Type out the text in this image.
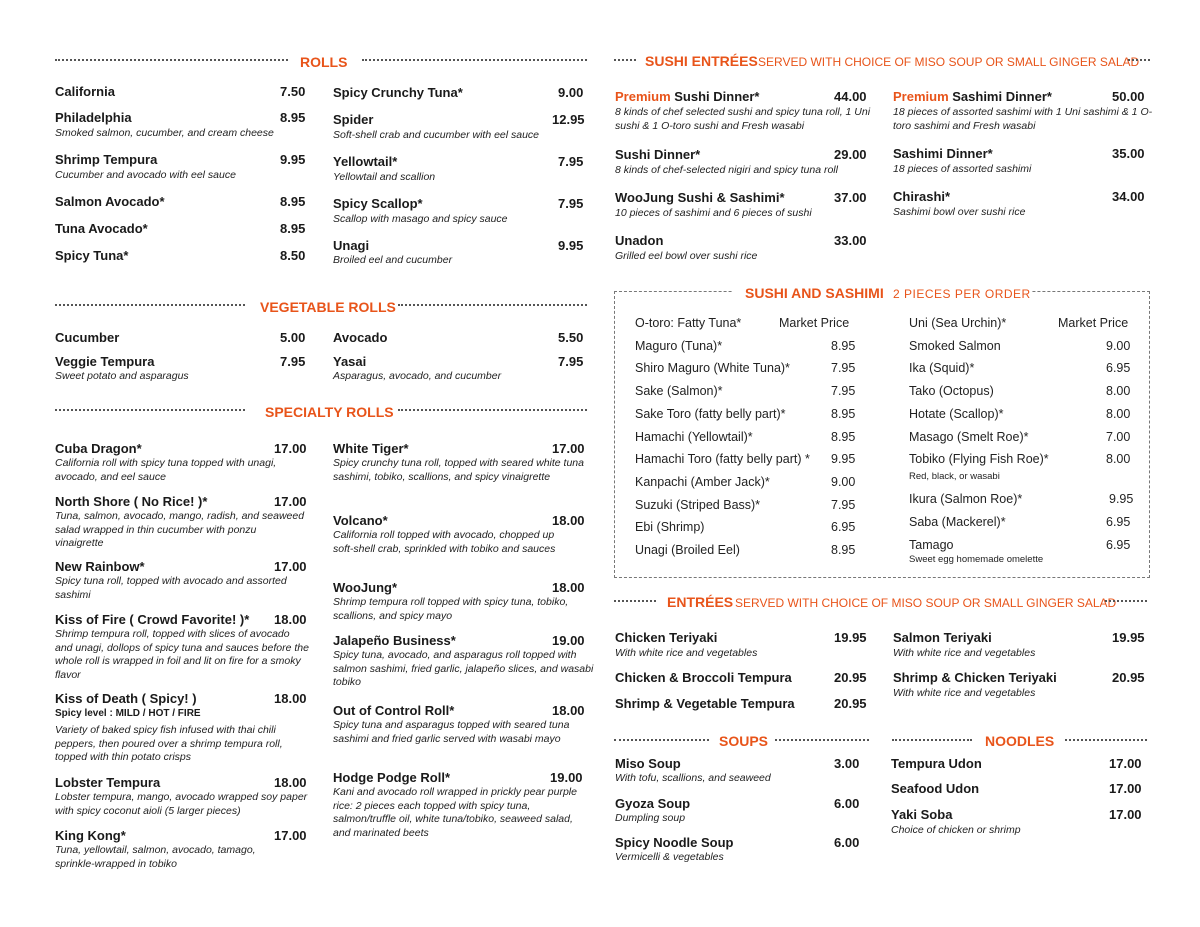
ROLLS
California	7.50
Philadelphia	8.95
Smoked salmon, cucumber, and cream cheese
Shrimp Tempura	9.95
Cucumber and avocado with eel sauce
Salmon Avocado*	8.95
Tuna Avocado*	8.95
Spicy Tuna*	8.50
Spicy Crunchy Tuna*	9.00
Spider	12.95
Soft-shell crab and cucumber with eel sauce
Yellowtail*	7.95
Yellowtail and scallion
Spicy Scallop*	7.95
Scallop with masago and spicy sauce
Unagi	9.95
Broiled eel and cucumber
VEGETABLE ROLLS
Cucumber	5.00
Veggie Tempura	7.95
Sweet potato and asparagus
Avocado	5.50
Yasai	7.95
Asparagus, avocado, and cucumber
SPECIALTY ROLLS
Cuba Dragon*	17.00
California roll with spicy tuna topped with unagi, avocado, and eel sauce
North Shore ( No Rice! )*	17.00
Tuna, salmon, avocado, mango, radish, and seaweed salad wrapped in thin cucumber with ponzu vinaigrette
New Rainbow*	17.00
Spicy tuna roll, topped with avocado and assorted sashimi
Kiss of Fire ( Crowd Favorite! )* 18.00
Shrimp tempura roll, topped with slices of avocado and unagi, dollops of spicy tuna and sauces before the whole roll is wrapped in foil and lit on fire for a smoky flavor
Kiss of Death ( Spicy! )	18.00
Spicy level : MILD / HOT / FIRE
Variety of baked spicy fish infused with thai chili peppers, then poured over a shrimp tempura roll, topped with thin potato crisps
Lobster Tempura	18.00
Lobster tempura, mango, avocado wrapped soy paper with spicy coconut aioli (5 larger pieces)
King Kong*	17.00
Tuna, yellowtail, salmon, avocado, tamago, sprinkle-wrapped in tobiko
White Tiger*	17.00
Spicy crunchy tuna roll, topped with seared white tuna sashimi, tobiko, scallions, and spicy vinaigrette
Volcano*	18.00
California roll topped with avocado, chopped up soft-shell crab, sprinkled with tobiko and sauces
WooJung*	18.00
Shrimp tempura roll topped with spicy tuna, tobiko, scallions, and spicy mayo
Jalapeño Business*	19.00
Spicy tuna, avocado, and asparagus roll topped with salmon sashimi, fried garlic, jalapeño slices, and wasabi tobiko
Out of Control Roll*	18.00
Spicy tuna and asparagus topped with seared tuna sashimi and fried garlic served with wasabi mayo
Hodge Podge Roll*	19.00
Kani and avocado roll wrapped in prickly pear purple rice: 2 pieces each topped with spicy tuna, salmon/truffle oil, white tuna/tobiko, seaweed salad, and marinated beets
SUSHI ENTRÉES SERVED WITH CHOICE OF MISO SOUP OR SMALL GINGER SALAD
Premium Sushi Dinner*	44.00
8 kinds of chef selected sushi and spicy tuna roll, 1 Uni sushi & 1 O-toro sushi and Fresh wasabi
Sushi Dinner*	29.00
8 kinds of chef-selected nigiri and spicy tuna roll
WooJung Sushi & Sashimi*	37.00
10 pieces of sashimi and 6 pieces of sushi
Unadon	33.00
Grilled eel bowl over sushi rice
Premium Sashimi Dinner*	50.00
18 pieces of assorted sashimi with 1 Uni sashimi & 1 O-toro sashimi and Fresh wasabi
Sashimi Dinner*	35.00
18 pieces of assorted sashimi
Chirashi*	34.00
Sashimi bowl over sushi rice
SUSHI AND SASHIMI 2 PIECES PER ORDER
O-toro: Fatty Tuna*	Market Price
Maguro (Tuna)*	8.95
Shiro Maguro (White Tuna)*	7.95
Sake (Salmon)*	7.95
Sake Toro (fatty belly part)*	8.95
Hamachi (Yellowtail)*	8.95
Hamachi Toro (fatty belly part) * 9.95
Kanpachi (Amber Jack)*	9.00
Suzuki (Striped Bass)*	7.95
Ebi (Shrimp)	6.95
Unagi (Broiled Eel)	8.95
Uni (Sea Urchin)*	Market Price
Smoked Salmon	9.00
Ika (Squid)*	6.95
Tako (Octopus)	8.00
Hotate (Scallop)*	8.00
Masago (Smelt Roe)*	7.00
Tobiko (Flying Fish Roe)*	8.00
Red, black, or wasabi
Ikura (Salmon Roe)*	9.95
Saba (Mackerel)*	6.95
Tamago	6.95
Sweet egg homemade omelette
ENTRÉES SERVED WITH CHOICE OF MISO SOUP OR SMALL GINGER SALAD
Chicken Teriyaki	19.95
With white rice and vegetables
Chicken & Broccoli Tempura	20.95
Shrimp & Vegetable Tempura	20.95
Salmon Teriyaki	19.95
With white rice and vegetables
Shrimp & Chicken Teriyaki	20.95
With white rice and vegetables
SOUPS
Miso Soup	3.00
With tofu, scallions, and seaweed
Gyoza Soup	6.00
Dumpling soup
Spicy Noodle Soup	6.00
Vermicelli & vegetables
NOODLES
Tempura Udon	17.00
Seafood Udon	17.00
Yaki Soba	17.00
Choice of chicken or shrimp
